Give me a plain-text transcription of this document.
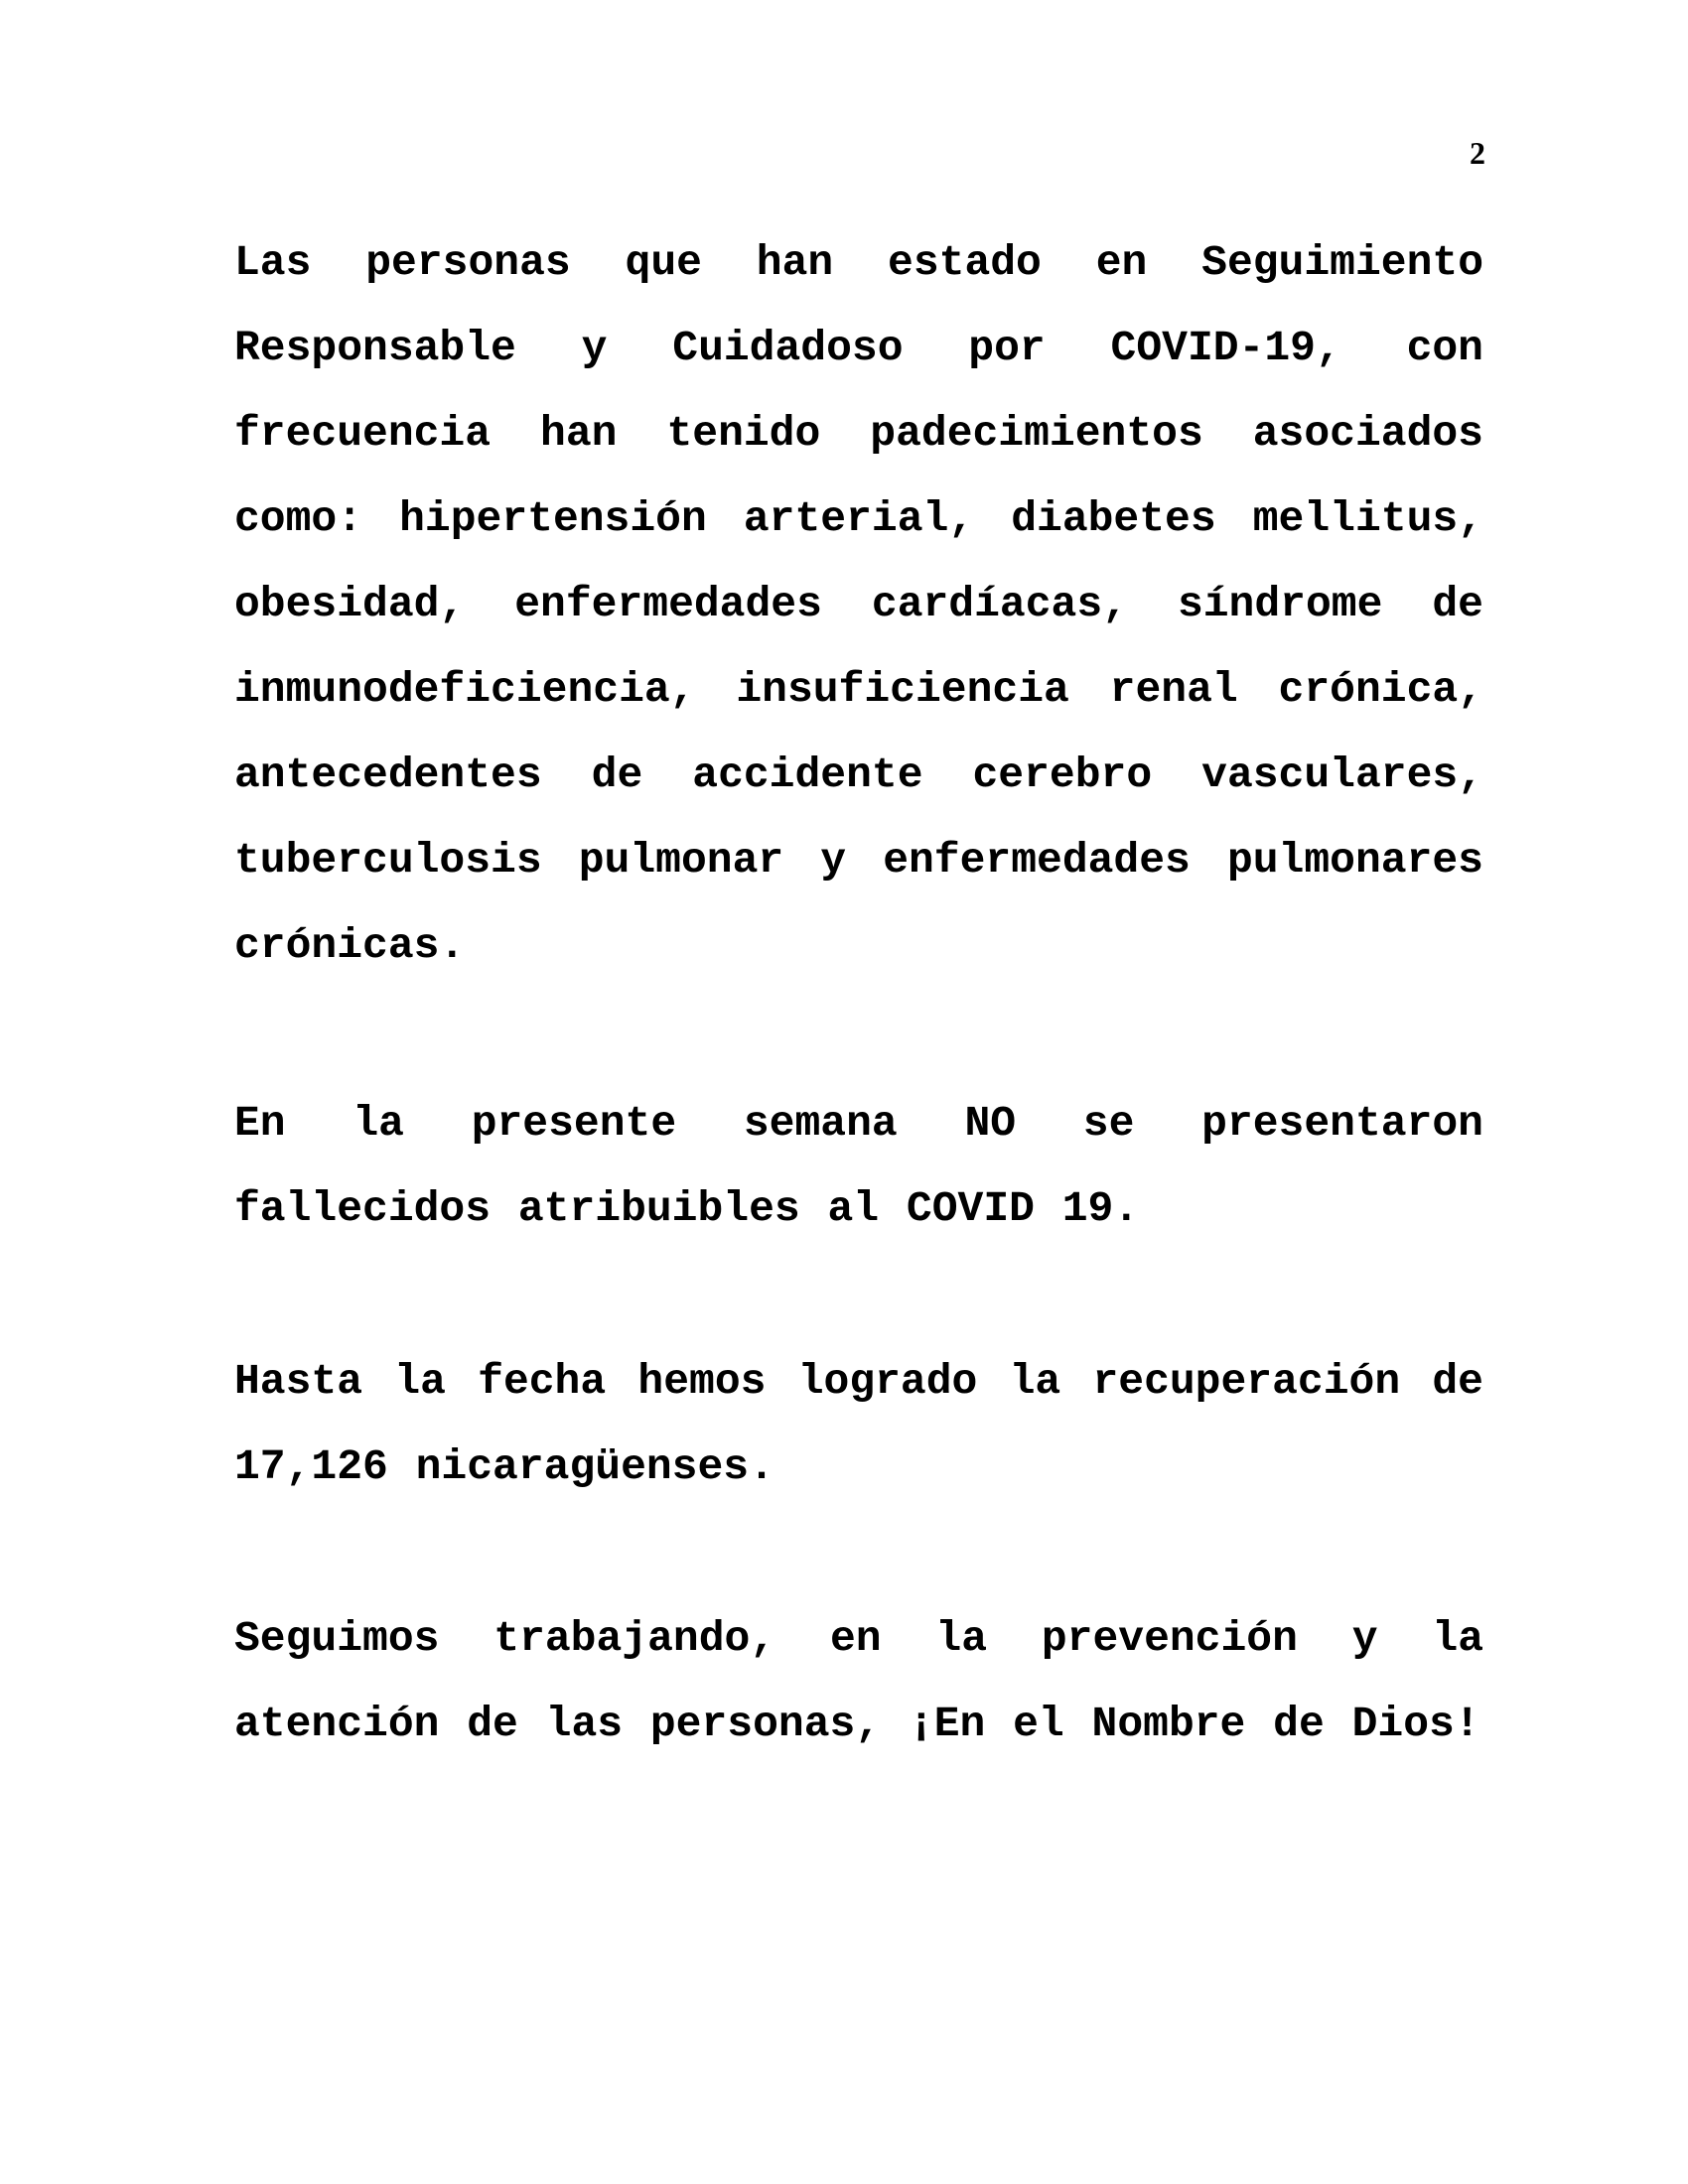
2

Las personas que han estado en Seguimiento Responsable y Cuidadoso por COVID-19, con frecuencia han tenido padecimientos asociados como: hipertensión arterial, diabetes mellitus, obesidad, enfermedades cardíacas, síndrome de inmunodeficiencia, insuficiencia renal crónica, antecedentes de accidente cerebro vasculares, tuberculosis pulmonar y enfermedades pulmonares crónicas.

En la presente semana NO se presentaron fallecidos atribuibles al COVID 19.

Hasta la fecha hemos logrado la recuperación de 17,126 nicaragüenses.

Seguimos trabajando, en la prevención y la atención de las personas, ¡En el Nombre de Dios!
